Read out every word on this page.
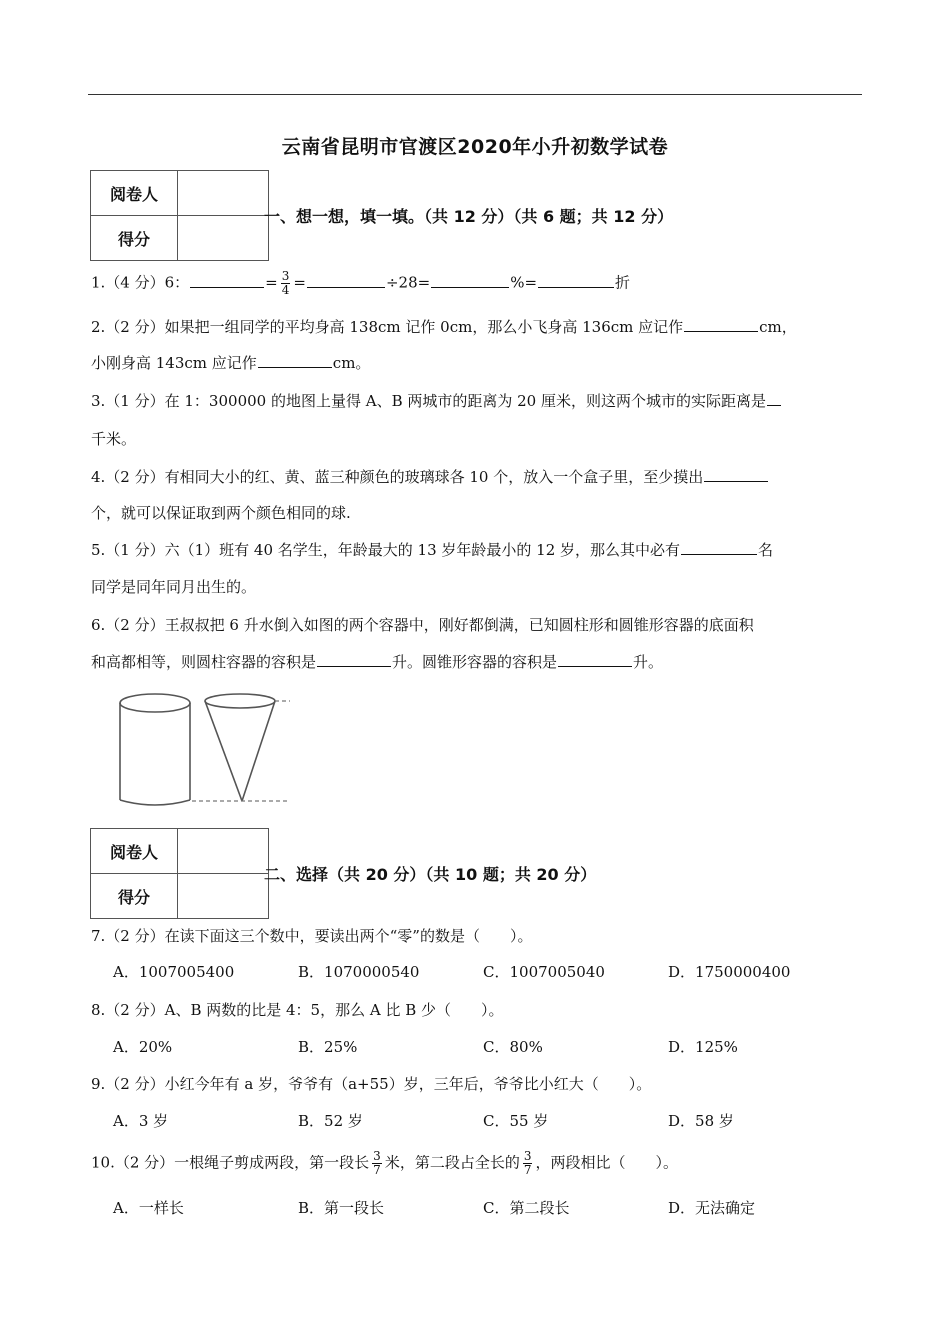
云南省昆明市官渡区2020年小升初数学试卷
阅卷人	
得分	
一、想一想，填一填。（共 12 分）（共 6 题；共 12 分）
1.（4 分）6：	= $\frac{3}{4}$ =	÷28=	%=	折
2.（2 分）如果把一组同学的平均身高 138cm 记作 0cm，那么小飞身高 136cm 应记作	cm，
小刚身高 143cm 应记作	cm。
3.（1 分）在 1：300000 的地图上量得 A、B 两城市的距离为 20 厘米，则这两个城市的实际距离是
千米。
4.（2 分）有相同大小的红、黄、蓝三种颜色的玻璃球各 10 个，放入一个盒子里，至少摸出
个，就可以保证取到两个颜色相同的球.
5.（1 分）六（1）班有 40 名学生，年龄最大的 13 岁年龄最小的 12 岁，那么其中必有	名
同学是同年同月出生的。
6.（2 分）王叔叔把 6 升水倒入如图的两个容器中，刚好都倒满，已知圆柱形和圆锥形容器的底面积
和高都相等，则圆柱容器的容积是	升。圆锥形容器的容积是	升。
阅卷人	
得分	
二、选择（共 20 分）（共 10 题；共 20 分）
7.（2 分）在读下面这三个数中，要读出两个“零”的数是（　　）。
A．1007005400	B．1070000540	C．1007005040	D．1750000400
8.（2 分）A、B 两数的比是 4：5，那么 A 比 B 少（　　）。
A．20%	B．25%	C．80%	D．125%
9.（2 分）小红今年有 a 岁，爷爷有（a+55）岁，三年后，爷爷比小红大（　　）。
A．3 岁	B．52 岁	C．55 岁	D．58 岁
10.（2 分）一根绳子剪成两段，第一段长 $\frac{3}{7}$ 米，第二段占全长的 $\frac{3}{7}$ ，两段相比（　　）。
A．一样长	B．第一段长	C．第二段长	D．无法确定
